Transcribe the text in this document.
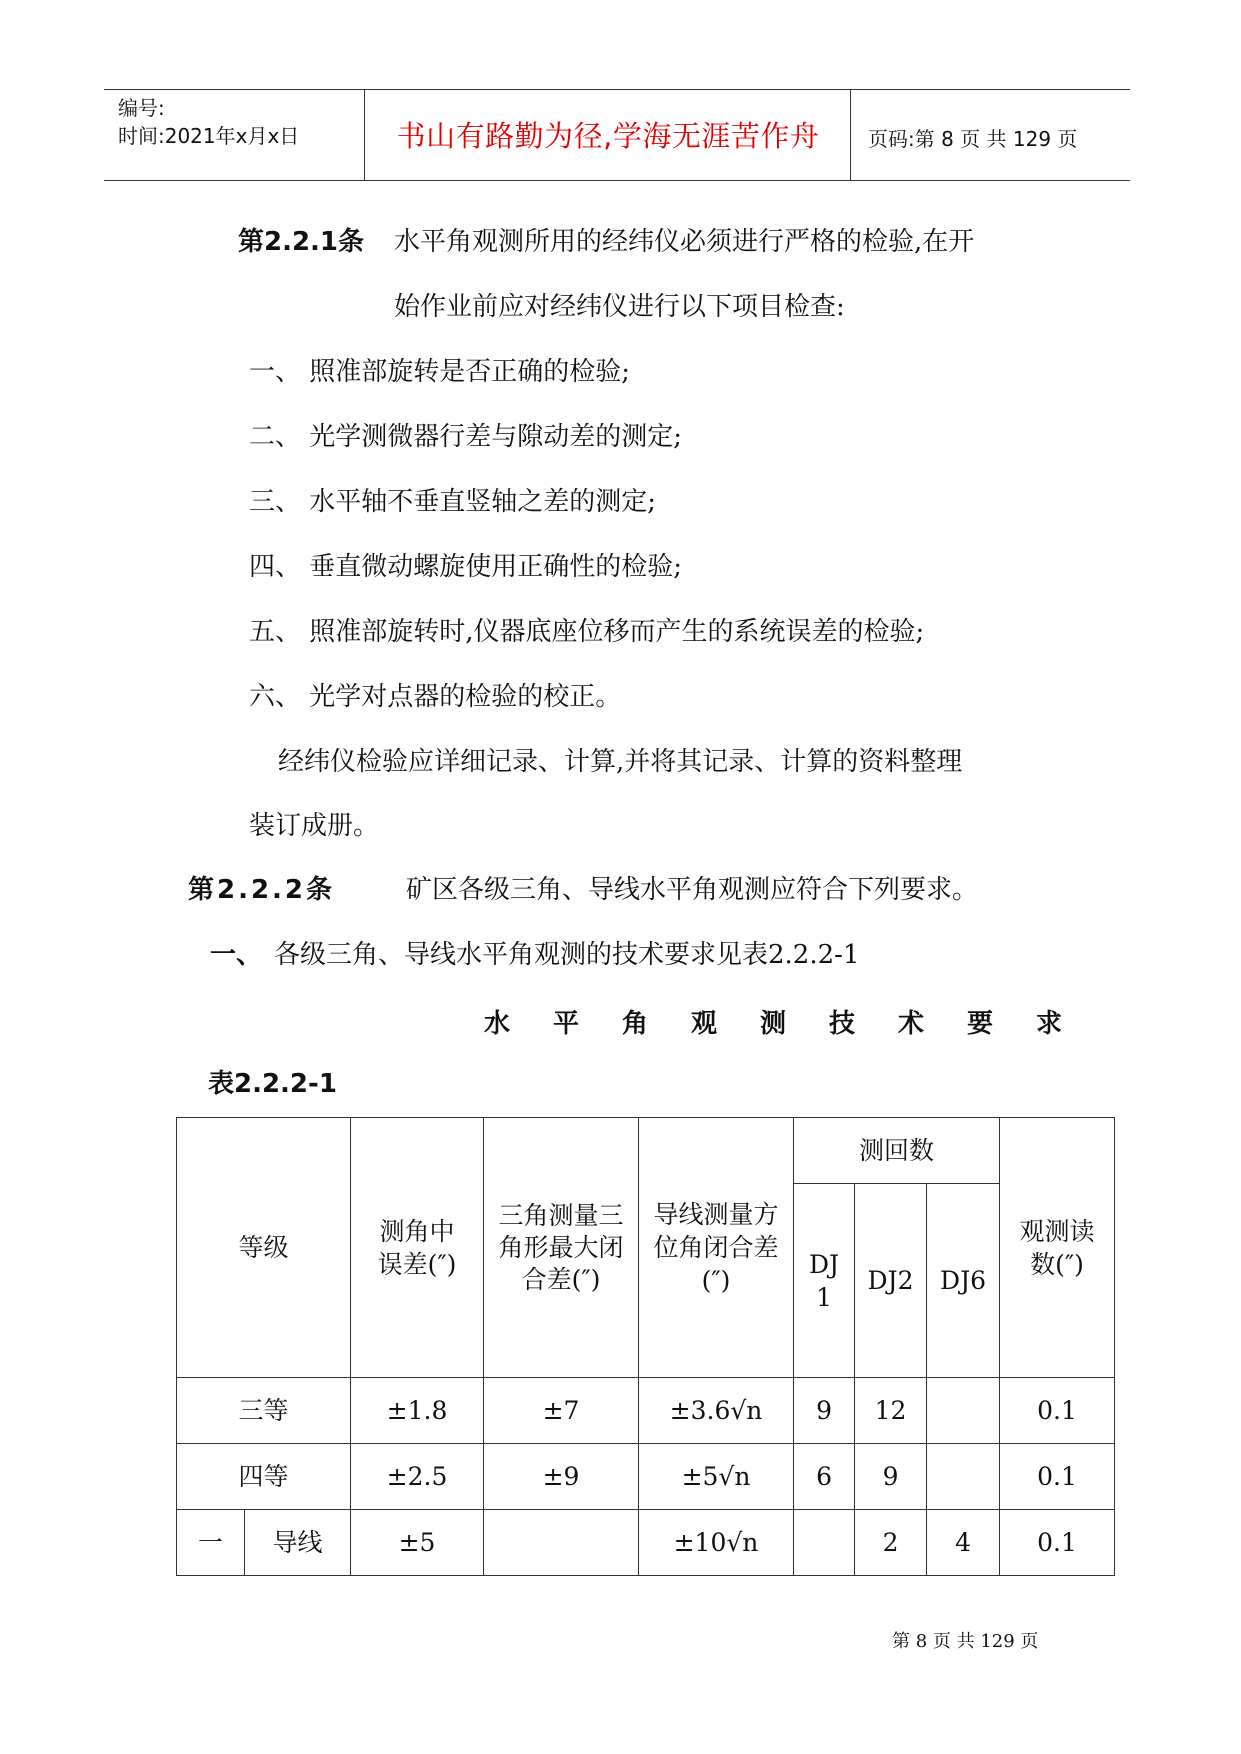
编号:
时间:2021年x月x日	书山有路勤为径,学海无涯苦作舟	页码:第 8 页 共 129 页
第2.2.1条 水平角观测所用的经纬仪必须进行严格的检验,在开
始作业前应对经纬仪进行以下项目检查:
一、 照准部旋转是否正确的检验;
二、 光学测微器行差与隙动差的测定;
三、 水平轴不垂直竖轴之差的测定;
四、 垂直微动螺旋使用正确性的检验;
五、 照准部旋转时,仪器底座位移而产生的系统误差的检验;
六、 光学对点器的检验的校正。
经纬仪检验应详细记录、计算,并将其记录、计算的资料整理
装订成册。
第2.2.2条	矿区各级三角、导线水平角观测应符合下列要求。
一、 各级三角、导线水平角观测的技术要求见表2.2.2-1
水平角观测技术要求
表2.2.2-1
等级		测角中误差(″)	三角测量三角形最大闭合差(″)	导线测量方位角闭合差(″)	测回数			观测读数(″)

					DJ1	DJ2	DJ6	
三等		±1.8	±7	±3.6√n	9	12		0.1
四等		±2.5	±9	±5√n	6	9		0.1
一	导线	±5		±10√n		2	4	0.1
第 8 页 共 129 页
